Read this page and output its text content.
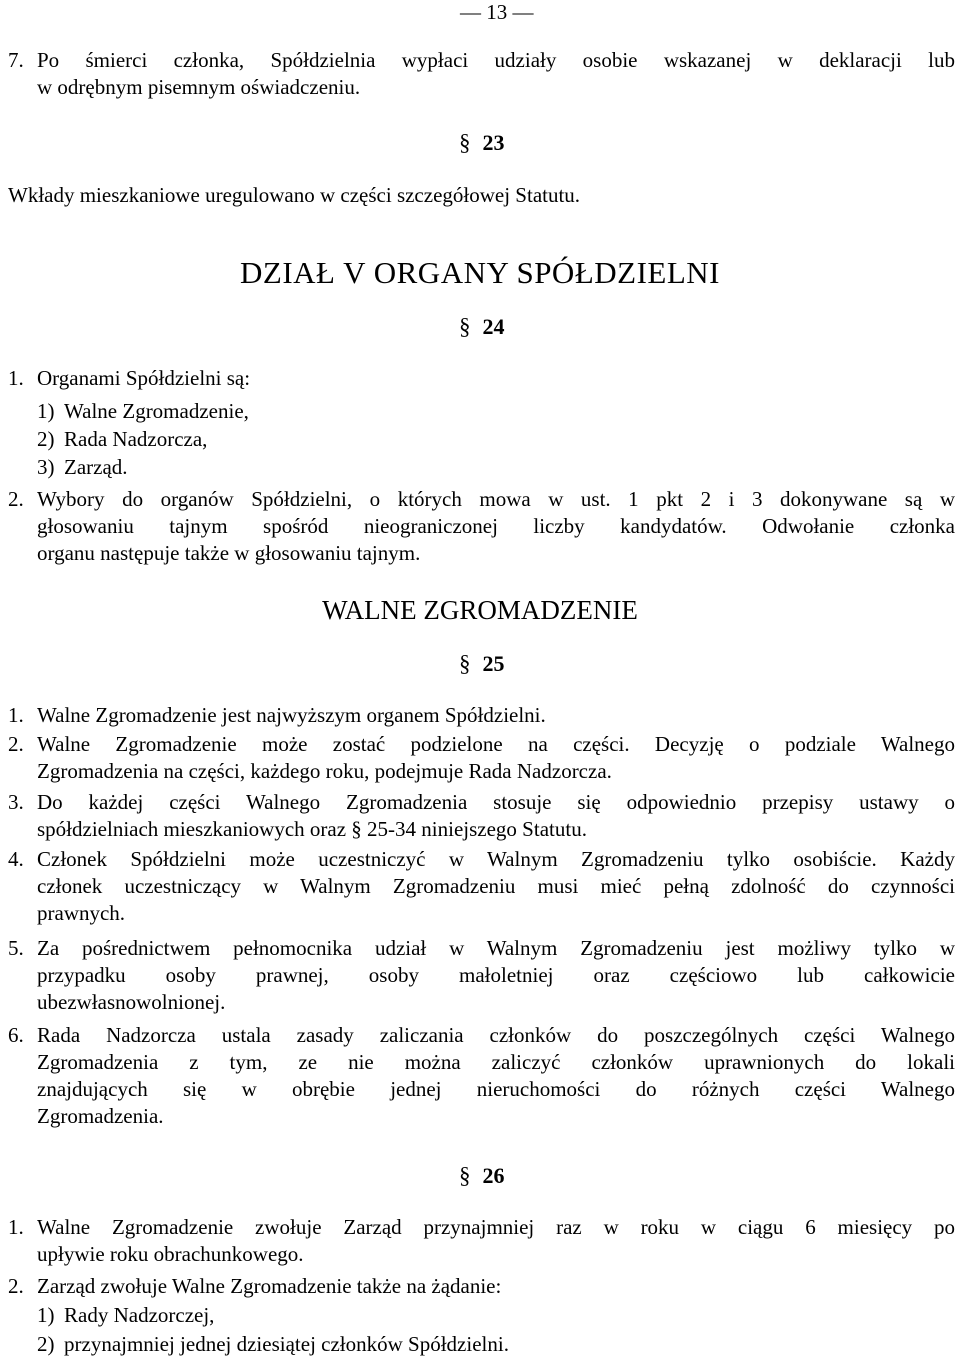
— 13 —
7. Po śmierci członka, Spółdzielnia wypłaci udziały osobie wskazanej w deklaracji lub
w odrębnym pisemnym oświadczeniu.
§ 23
Wkłady mieszkaniowe uregulowano w części szczegółowej Statutu.
DZIAŁ V ORGANY SPÓŁDZIELNI
§ 24
1. Organami Spółdzielni są:
1) Walne Zgromadzenie,
2) Rada Nadzorcza,
3) Zarząd.
2. Wybory do organów Spółdzielni, o których mowa w ust. 1 pkt 2 i 3 dokonywane są w
głosowaniu tajnym spośród nieograniczonej liczby kandydatów. Odwołanie członka
organu następuje także w głosowaniu tajnym.
WALNE ZGROMADZENIE
§ 25
1. Walne Zgromadzenie jest najwyższym organem Spółdzielni.
2. Walne Zgromadzenie może zostać podzielone na części. Decyzję o podziale Walnego
Zgromadzenia na części, każdego roku, podejmuje Rada Nadzorcza.
3. Do każdej części Walnego Zgromadzenia stosuje się odpowiednio przepisy ustawy o
spółdzielniach mieszkaniowych oraz § 25-34 niniejszego Statutu.
4. Członek Spółdzielni może uczestniczyć w Walnym Zgromadzeniu tylko osobiście. Każdy
członek uczestniczący w Walnym Zgromadzeniu musi mieć pełną zdolność do czynności
prawnych.
5. Za pośrednictwem pełnomocnika udział w Walnym Zgromadzeniu jest możliwy tylko w
przypadku osoby prawnej, osoby małoletniej oraz częściowo lub całkowicie
ubezwłasnowolnionej.
6. Rada Nadzorcza ustala zasady zaliczania członków do poszczególnych części Walnego
Zgromadzenia z tym, ze nie można zaliczyć członków uprawnionych do lokali
znajdujących się w obrębie jednej nieruchomości do różnych części Walnego
Zgromadzenia.
§ 26
1. Walne Zgromadzenie zwołuje Zarząd przynajmniej raz w roku w ciągu 6 miesięcy po
upływie roku obrachunkowego.
2. Zarząd zwołuje Walne Zgromadzenie także na żądanie:
1) Rady Nadzorczej,
2) przynajmniej jednej dziesiątej członków Spółdzielni.
